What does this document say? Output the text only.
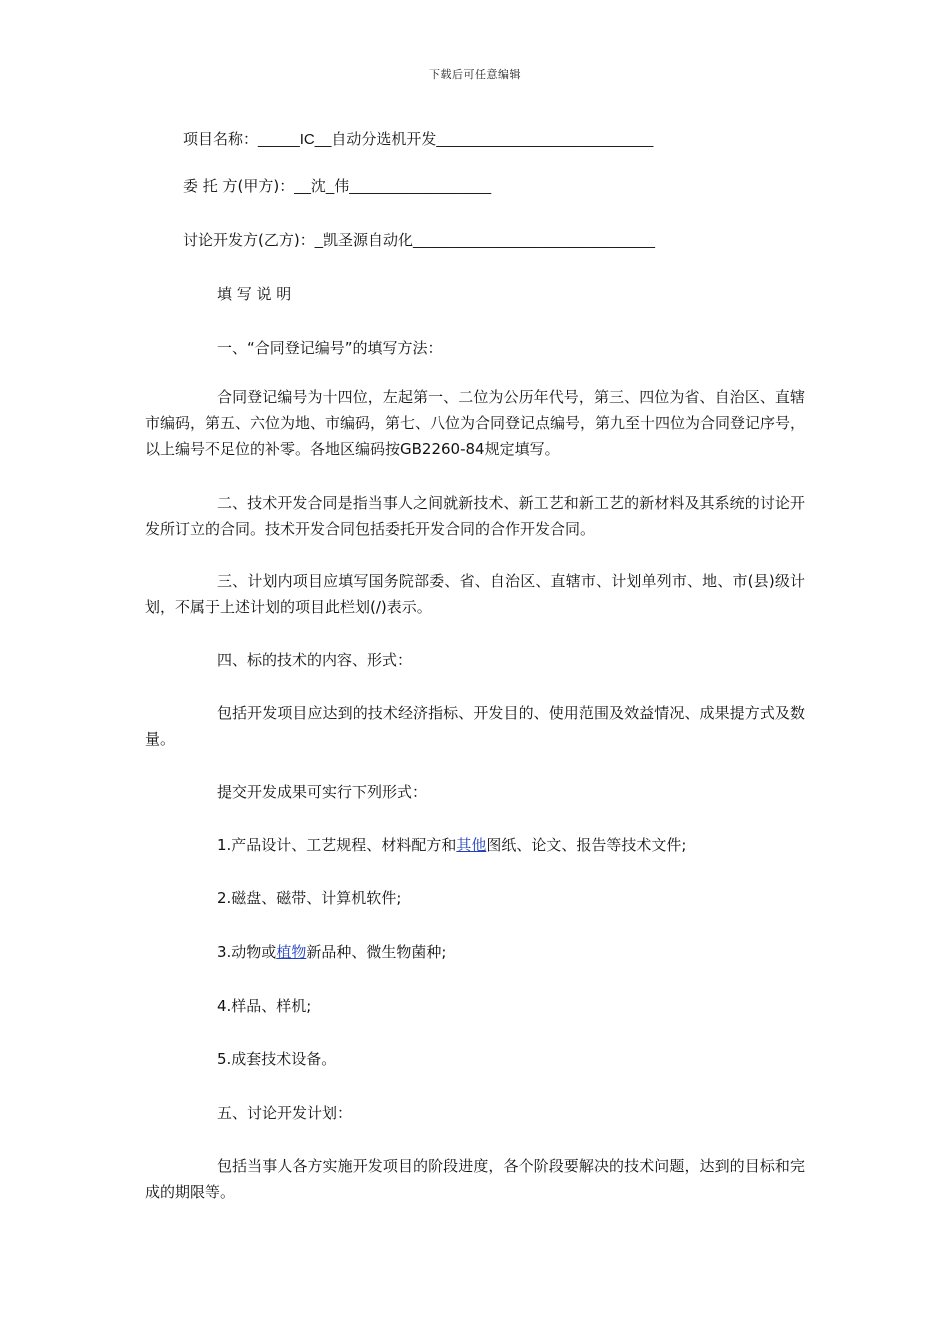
下载后可任意编辑
项目名称：_____IC__自动分选机开发__________________________
委 托 方(甲方)：__沈_伟_________________
讨论开发方(乙方)：_凯圣源自动化_____________________________
填 写 说 明
一、“合同登记编号”的填写方法：
合同登记编号为十四位，左起第一、二位为公历年代号，第三、四位为省、自治区、直辖市编码，第五、六位为地、市编码，第七、八位为合同登记点编号，第九至十四位为合同登记序号，以上编号不足位的补零。各地区编码按GB2260-84规定填写。
二、技术开发合同是指当事人之间就新技术、新工艺和新工艺的新材料及其系统的讨论开发所订立的合同。技术开发合同包括委托开发合同的合作开发合同。
三、计划内项目应填写国务院部委、省、自治区、直辖市、计划单列市、地、市(县)级计划，不属于上述计划的项目此栏划(/)表示。
四、标的技术的内容、形式：
包括开发项目应达到的技术经济指标、开发目的、使用范围及效益情况、成果提方式及数量。
提交开发成果可实行下列形式：
1.产品设计、工艺规程、材料配方和其他图纸、论文、报告等技术文件;
2.磁盘、磁带、计算机软件;
3.动物或植物新品种、微生物菌种;
4.样品、样机;
5.成套技术设备。
五、讨论开发计划：
包括当事人各方实施开发项目的阶段进度，各个阶段要解决的技术问题，达到的目标和完成的期限等。
